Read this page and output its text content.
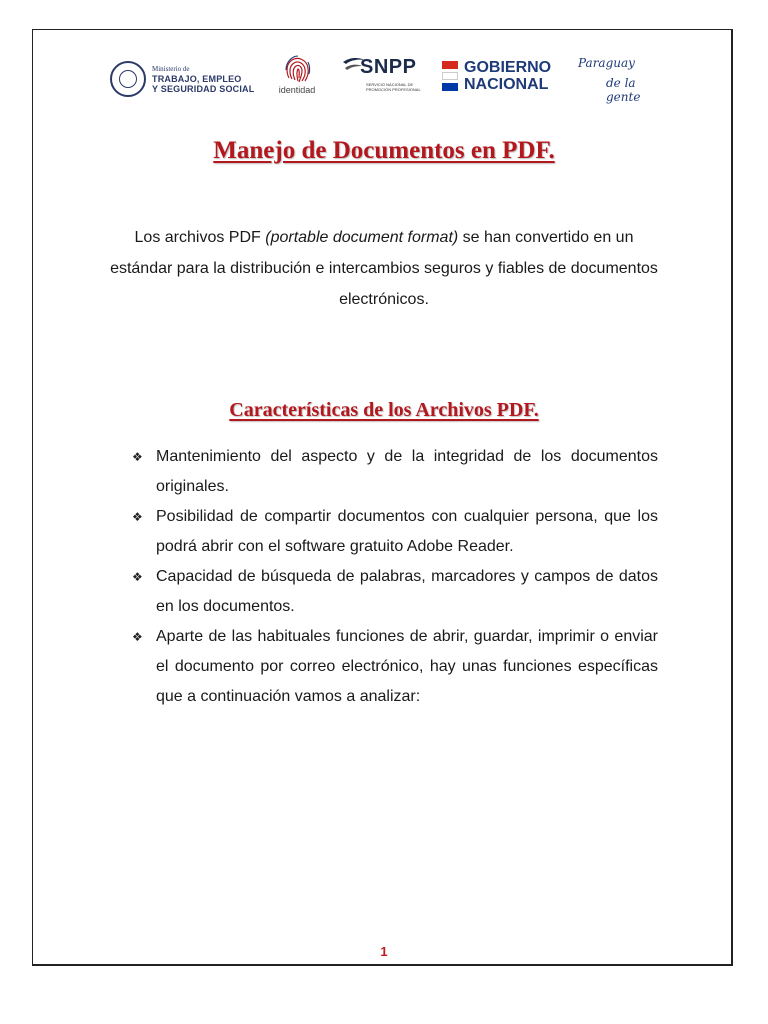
Ministerio de
TRABAJO, EMPLEO
Y SEGURIDAD SOCIAL	identidad
SNPP
SERVICIO NACIONAL DE PROMOCIÓN PROFESIONAL
GOBIERNO
NACIONAL
Paraguay
de la gente
Manejo de Documentos en PDF.

Los archivos PDF (portable document format) se han convertido en un estándar para la distribución e intercambios seguros y fiables de documentos electrónicos.

Características de los Archivos PDF.
❖ Mantenimiento del aspecto y de la integridad de los documentos originales.
❖ Posibilidad de compartir documentos con cualquier persona, que los podrá abrir con el software gratuito Adobe Reader.
❖ Capacidad de búsqueda de palabras, marcadores y campos de datos en los documentos.
❖ Aparte de las habituales funciones de abrir, guardar, imprimir o enviar el documento por correo electrónico, hay unas funciones específicas que a continuación vamos a analizar:
1
